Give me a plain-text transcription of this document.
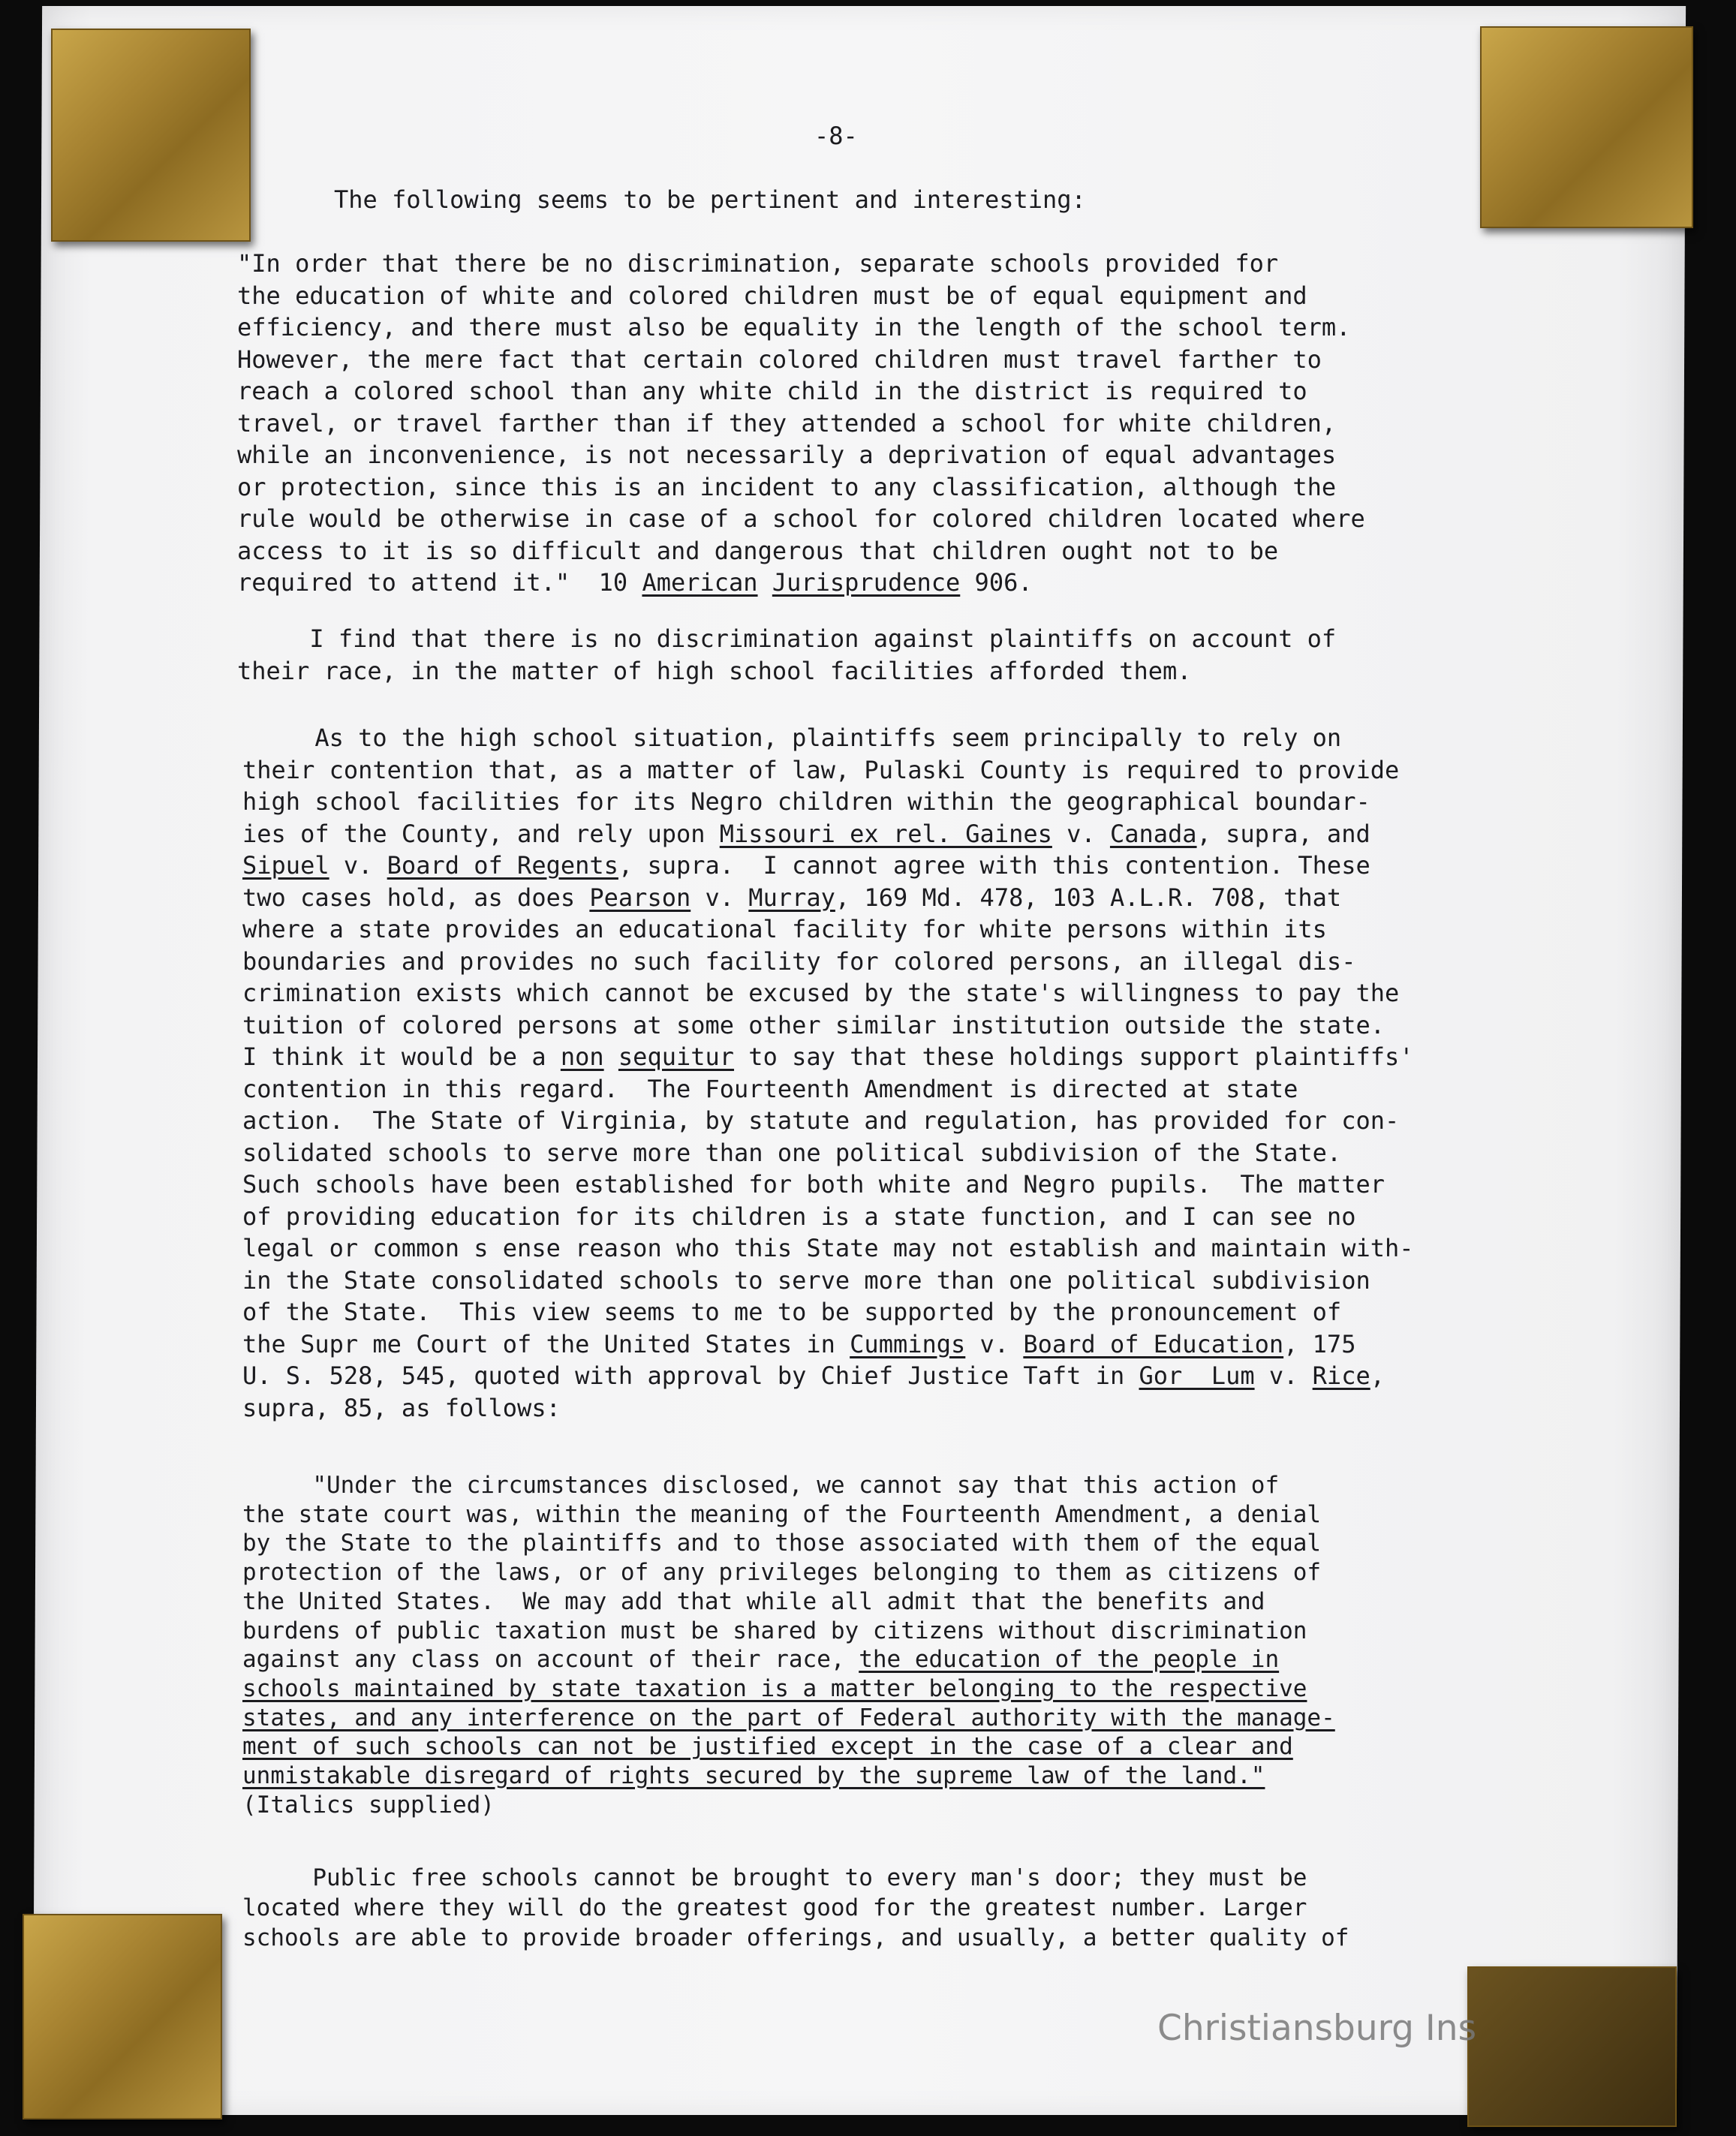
-8-

The following seems to be pertinent and interesting:

"In order that there be no discrimination, separate schools provided for
the education of white and colored children must be of equal equipment and
efficiency, and there must also be equality in the length of the school term.
However, the mere fact that certain colored children must travel farther to
reach a colored school than any white child in the district is required to
travel, or travel farther than if they attended a school for white children,
while an inconvenience, is not necessarily a deprivation of equal advantages
or protection, since this is an incident to any classification, although the
rule would be otherwise in case of a school for colored children located where
access to it is so difficult and dangerous that children ought not to be
required to attend it."  10 American Jurisprudence 906.

I find that there is no discrimination against plaintiffs on account of
their race, in the matter of high school facilities afforded them.

As to the high school situation, plaintiffs seem principally to rely on
their contention that, as a matter of law, Pulaski County is required to provide
high school facilities for its Negro children within the geographical boundar-
ies of the County, and rely upon Missouri ex rel. Gaines v. Canada, supra, and
Sipuel v. Board of Regents, supra.  I cannot agree with this contention. These
two cases hold, as does Pearson v. Murray, 169 Md. 478, 103 A.L.R. 708, that
where a state provides an educational facility for white persons within its
boundaries and provides no such facility for colored persons, an illegal dis-
crimination exists which cannot be excused by the state's willingness to pay the
tuition of colored persons at some other similar institution outside the state.
I think it would be a non sequitur to say that these holdings support plaintiffs'
contention in this regard.  The Fourteenth Amendment is directed at state
action.  The State of Virginia, by statute and regulation, has provided for con-
solidated schools to serve more than one political subdivision of the State.
Such schools have been established for both white and Negro pupils.  The matter
of providing education for its children is a state function, and I can see no
legal or common s ense reason who this State may not establish and maintain with-
in the State consolidated schools to serve more than one political subdivision
of the State.  This view seems to me to be supported by the pronouncement of
the Supr me Court of the United States in Cummings v. Board of Education, 175
U. S. 528, 545, quoted with approval by Chief Justice Taft in Gor  Lum v. Rice,
supra, 85, as follows:

"Under the circumstances disclosed, we cannot say that this action of
the state court was, within the meaning of the Fourteenth Amendment, a denial
by the State to the plaintiffs and to those associated with them of the equal
protection of the laws, or of any privileges belonging to them as citizens of
the United States.  We may add that while all admit that the benefits and
burdens of public taxation must be shared by citizens without discrimination
against any class on account of their race, the education of the people in
schools maintained by state taxation is a matter belonging to the respective
states, and any interference on the part of Federal authority with the manage-
ment of such schools can not be justified except in the case of a clear and
unmistakable disregard of rights secured by the supreme law of the land."
(Italics supplied)

Public free schools cannot be brought to every man's door; they must be
located where they will do the greatest good for the greatest number. Larger
schools are able to provide broader offerings, and usually, a better quality of

Christiansburg Ins
